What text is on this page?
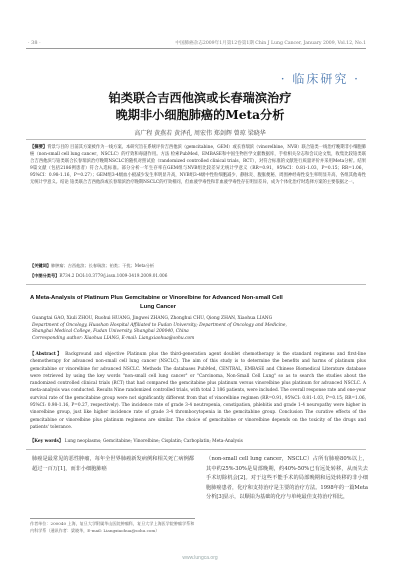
· 38 ·	中国肺癌杂志2009年1月第12卷第1期 Chin J Lung Cancer, January 2009, Vol.12, No.1
· 临床研究 ·
铂类联合吉西他滨或长春瑞滨治疗
晚期非小细胞肺癌的Meta分析
高广程 黄燕若 黄泽孔 周宏伟 郑剑辉 曾琼 梁晓华
【摘要】背景与目的 目前其方案被作为一线方案。本研究旨在系统评价吉西他滨（gemcitabine，GEM）或长春瑞滨（vinorelbine，NVB）联合铂类一线治疗晚期非小细胞肺癌（non-small cell lung cancer，NSCLC）的疗效和毒副作用。方法 检索PubMed、EMBASE和中国生物医学文献数据库，手检相关杂志和会议论文集，收集比较铂类联合吉西他滨与铂类联合长春瑞滨治疗晚期NSCLC的随机对照试验（randomized controlled clinical trials，RCT），对符合标准的文献进行质量评价并采用Meta分析。结果 9篇文献（包括2186例患者）符合入选标准。部分分析一年生存率在GEM组与NVB组比较差异无统计学意义（RR=0.91，95%CI：0.81-1.03，P=0.15；RR=1.06，95%CI：0.98-1.16，P=0.27）；GEM组3-4级血小板减少发生率明显升高，NVB组3-4级中性粒细胞减少、静脉炎、腹胀便秘、周围神经毒性发生率明显升高，各组其他毒性无统计学意义。结论 铂类联合吉西他滨或长春瑞滨治疗晚期NSCLC的疗效相同，但血液学毒性和非血液学毒性存在明显差异，成为个体化治疗时选择方案的主要依据之一。
【关键词】肺肿瘤；吉西他滨；长春瑞滨；铂类；干扰；Meta分析
【中图分类号】R734.2 DOI:10.3779/j.issn.1009-3419.2009.01.006
A Meta-Analysis of Platinum Plus Gemcitabine or Vinorelbine for Advanced Non-small Cell
Lung Cancer
Guangtai GAO, Xiuli ZHOU, Ruohui HUANG, Jingwei ZHANG, Zhonghui CHU, Qiong ZHAN, Xiaohua LIANG
Department of Oncology, Huashan Hospital Affiliated to Fudan University; Department of Oncology and Medicine,
Shanghai Medical College, Fudan University, Shanghai 200040, China
Corresponding author: Xiaohua LIANG, E-mail: Liangxiaohua@sohu.com
【Abstract】 Background and objective Platinum plus the third-generation agent doublet chemotherapy is the standard regimens and first-line chemotherapy for advanced non-small cell lung cancer (NSCLC). The aim of this study is to determine the benefits and harms of platinum plus gemcitabine or vinorelbine for advanced NSCLC. Methods The databases PubMed, CENTRAL, EMBASE and Chinese Biomedical Literature database were retrieved by using the key words "non-small cell lung cancer" or "Carcinoma, Non-Small Cell Lung" so as to search the studies about the randomized controlled clinical trials (RCT) that had compared the gemcitabine plus platinum versus vinorelbine plus platinum for advanced NSCLC. A meta-analysis was conducted. Results Nine randomized controlled trials, with total 2 186 patients, were included. The overall response rate and one-year survival rate of the gemcitabine group were not significantly different from that of vinorelbine regimen (RR=0.91, 95%CI: 0.81-1.03, P=0.15; RR=1.06, 95%CI: 0.98-1.16, P=0.27, respectively). The incidence rate of grade 3-4 neutropenia, constipation, phlebitis and grade 1-4 neuropathy were higher in vinorelbine group, just like higher incidence rate of grade 3-4 thrombocytopenia in the gemcitabine group. Conclusion The curative effects of the gemcitabine or vinorelbine plus platinum regimens are similar. The choice of gemcitabine or vinorelbine depends on the toxicity of the drugs and patients' tolerance.
【Key words】 Lung neoplasms; Gemcitabine; Vinorelbine; Cisplatin; Carboplatin; Meta-Analysis
肺癌是最常见的恶性肿瘤，每年全世界肺癌新发病例和相关死亡病例都超过一百万[1]，而非小细胞肺癌
（non-small cell lung cancer，NSCLC）占所有肺癌80%以上，其中约25%-30%是局部晚期，约40%-50%已有远处转移，从而失去手术切除机会[2]。对于这些不能手术的局部晚期和远处转移的非小细胞肺癌患者，化疗和支持治疗是主要的治疗方法。1998年的一篇Meta分析[3]显示，以顺铂为基础的化疗与单纯最佳支持治疗相比，
作者单位：200040 上海，复旦大学附属华山医院肿瘤科，复旦大学上海医学院肿瘤学系和内科学系（通讯作者：梁晓华，E-mail: Liangxiaohua@sohu.com）
www.lungca.org
